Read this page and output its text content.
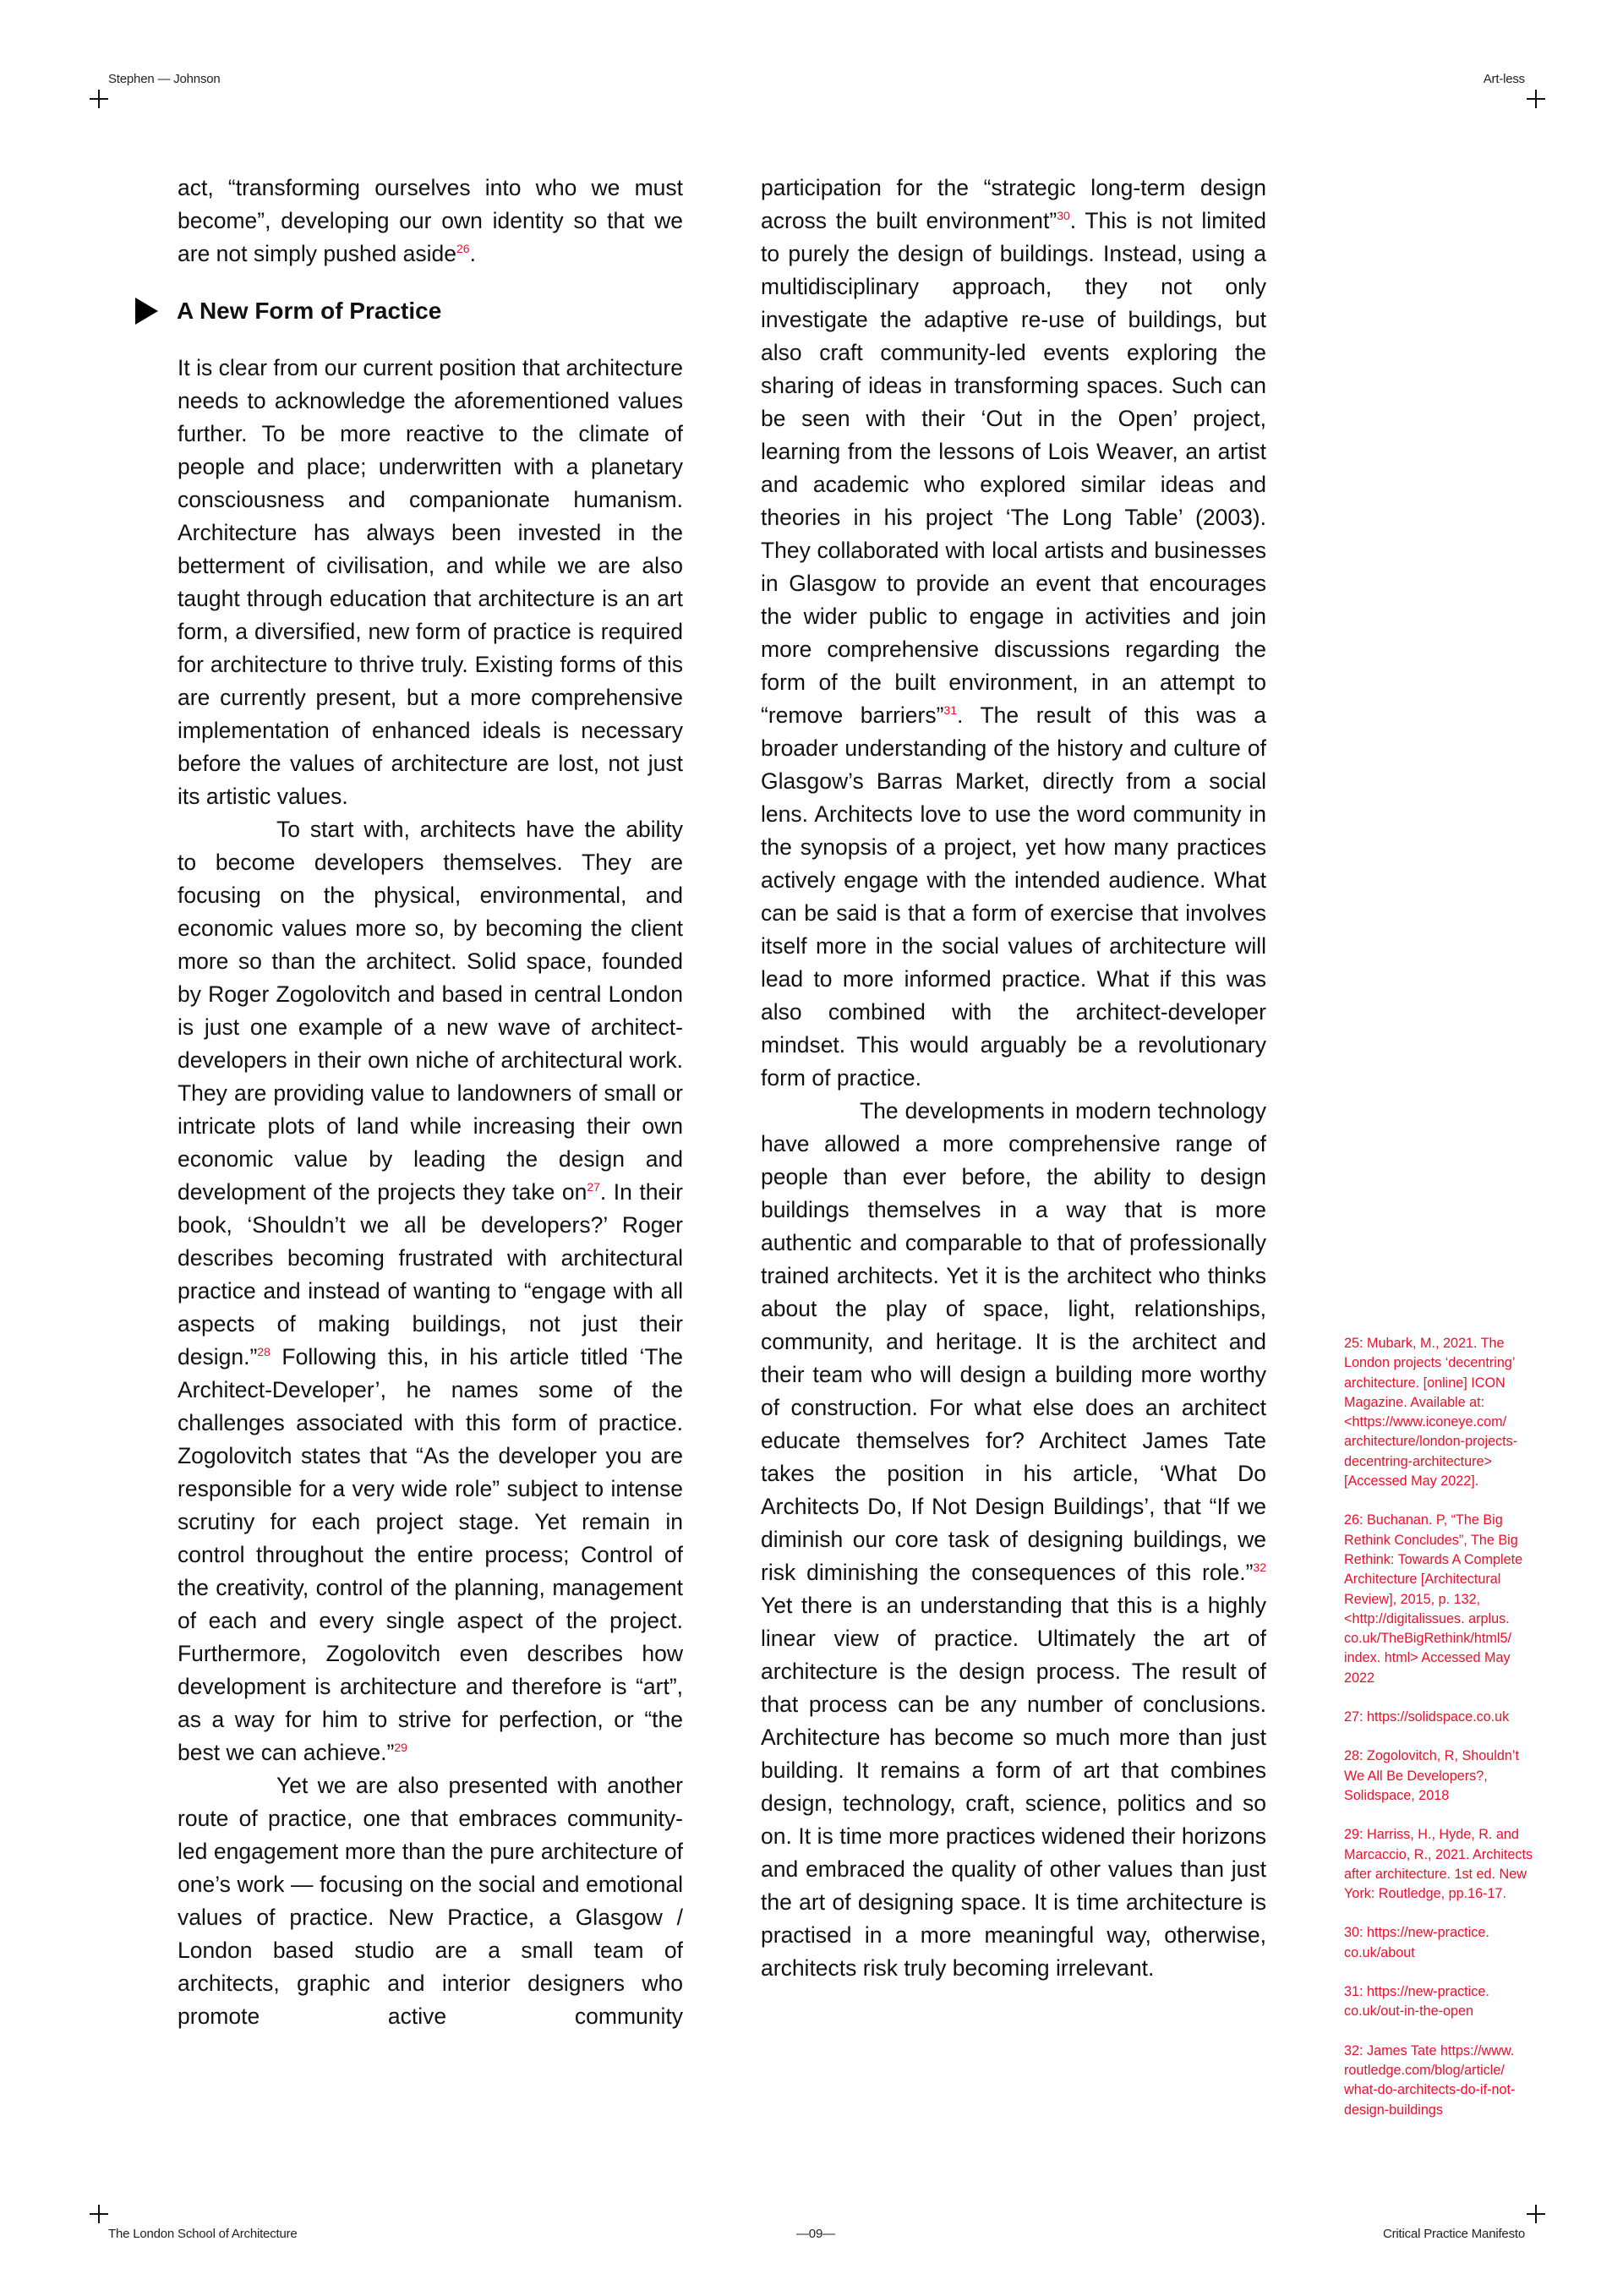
Stephen — Johnson	Art-less
The London School of Architecture	—09—	Critical Practice Manifesto

act, “transforming ourselves into who we must become”, developing our own identity so that we are not simply pushed aside$^{26}$.

A New Form of Practice

It is clear from our current position that architecture needs to acknowledge the aforementioned values further. To be more reactive to the climate of people and place; underwritten with a planetary consciousness and companionate humanism. Architecture has always been invested in the betterment of civilisation, and while we are also taught through education that architecture is an art form, a diversified, new form of practice is required for architecture to thrive truly. Existing forms of this are currently present, but a more comprehensive implementation of enhanced ideals is necessary before the values of architecture are lost, not just its artistic values.

To start with, architects have the ability to become developers themselves. They are focusing on the physical, environmental, and economic values more so, by becoming the client more so than the architect. Solid space, founded by Roger Zogolovitch and based in central London is just one example of a new wave of architect-developers in their own niche of architectural work. They are providing value to landowners of small or intricate plots of land while increasing their own economic value by leading the design and development of the projects they take $on^{27}$. In their book, ‘Shouldn’t we all be developers?’ Roger describes becoming frustrated with architectural practice and instead of wanting to “engage with all aspects of making buildings, not just their design.”$^{28}$ Following this, in his article titled ‘The Architect-Developer’, he names some of the challenges associated with this form of practice. Zogolovitch states that “As the developer you are responsible for a very wide role” subject to intense scrutiny for each project stage. Yet remain in control throughout the entire process; Control of the creativity, control of the planning, management of each and every single aspect of the project. Furthermore, Zogolovitch even describes how development is architecture and therefore is “art”, as a way for him to strive for perfection, or “the best we can achieve.”$^{29}$

Yet we are also presented with another route of practice, one that embraces community-led engagement more than the pure architecture of one’s work — focusing on the social and emotional values of practice. New Practice, a Glasgow / London based studio are a small team of architects, graphic and interior designers who promote active community

participation for the “strategic long-term design across the built environment”$^{30}$. This is not limited to purely the design of buildings. Instead, using a multidisciplinary approach, they not only investigate the adaptive re-use of buildings, but also craft community-led events exploring the sharing of ideas in transforming spaces. Such can be seen with their ‘Out in the Open’ project, learning from the lessons of Lois Weaver, an artist and academic who explored similar ideas and theories in his project ‘The Long Table’ (2003). They collaborated with local artists and businesses in Glasgow to provide an event that encourages the wider public to engage in activities and join more comprehensive discussions regarding the form of the built environment, in an attempt to “remove barriers”$^{31}$. The result of this was a broader understanding of the history and culture of Glasgow’s Barras Market, directly from a social lens. Architects love to use the word community in the synopsis of a project, yet how many practices actively engage with the intended audience. What can be said is that a form of exercise that involves itself more in the social values of architecture will lead to more informed practice. What if this was also combined with the architect-developer mindset. This would arguably be a revolutionary form of practice.

The developments in modern technology have allowed a more comprehensive range of people than ever before, the ability to design buildings themselves in a way that is more authentic and comparable to that of professionally trained architects. Yet it is the architect who thinks about the play of space, light, relationships, community, and heritage. It is the architect and their team who will design a building more worthy of construction. For what else does an architect educate themselves for? Architect James Tate takes the position in his article, ‘What Do Architects Do, If Not Design Buildings’, that “If we diminish our core task of designing buildings, we risk diminishing the consequences of this role.”$^{32}$ Yet there is an understanding that this is a highly linear view of practice. Ultimately the art of architecture is the design process. The result of that process can be any number of conclusions. Architecture has become so much more than just building. It remains a form of art that combines design, technology, craft, science, politics and so on. It is time more practices widened their horizons and embraced the quality of other values than just the art of designing space. It is time architecture is practised in a more meaningful way, otherwise, architects risk truly becoming irrelevant.

25: Mubark, M., 2021. The London projects ‘decentring’ architecture. [online] ICON Magazine. Available at: <https://www.iconeye.com/ architecture/london-projects-decentring-architecture> [Accessed May 2022].
26: Buchanan. P, “The Big Rethink Concludes”, The Big Rethink: Towards A Complete Architecture [Architectural Review], 2015, p. 132, <http://digitalissues. arplus. co.uk/TheBigRethink/html5/ index. html> Accessed May 2022
27: https://solidspace.co.uk
28: Zogolovitch, R, Shouldn’t We All Be Developers?, Solidspace, 2018
29: Harriss, H., Hyde, R. and Marcaccio, R., 2021. Architects after architecture. 1st ed. New York: Routledge, pp.16-17.
30: https://new-practice. co.uk/about
31: https://new-practice. co.uk/out-in-the-open
32: James Tate https://www. routledge.com/blog/article/ what-do-architects-do-if-not-design-buildings
